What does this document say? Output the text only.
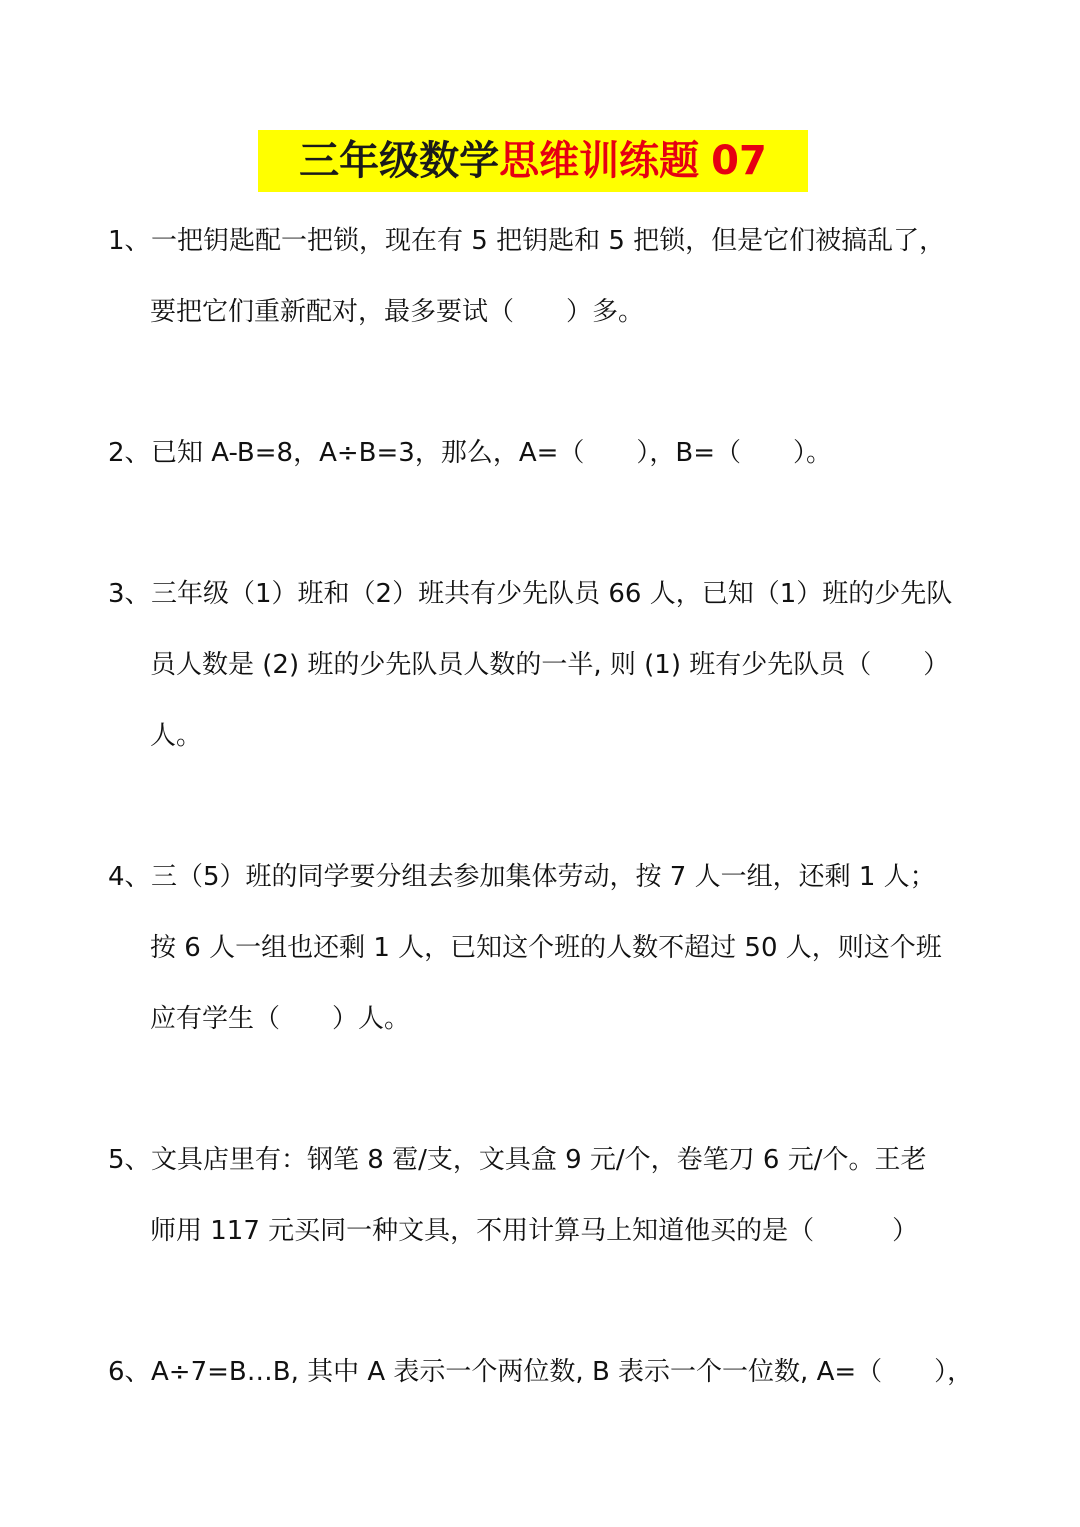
三年级数学 思维训练题 07
1、 一把钥匙配一把锁，现在有 5 把钥匙和 5 把锁，但是它们被搞乱了，
要把它们重新配对，最多要试（　　）多。
2、 已知 A-B=8，A÷B=3，那么，A=（　　），B=（　　）。
3、 三年级（1）班和（2）班共有少先队员 66 人，已知（1）班的少先队
员人数是 (2) 班的少先队员人数的一半, 则 (1) 班有少先队员（　　）
人。
4、 三（5）班的同学要分组去参加集体劳动，按 7 人一组，还剩 1 人；
按 6 人一组也还剩 1 人，已知这个班的人数不超过 50 人，则这个班
应有学生（　　）人。
5、 文具店里有：钢笔 8 雹/支，文具盒 9 元/个，卷笔刀 6 元/个。王老
师用 117 元买同一种文具，不用计算马上知道他买的是（　　　）
6、 A÷7=B…B, 其中 A 表示一个两位数, B 表示一个一位数, A=（　　），
